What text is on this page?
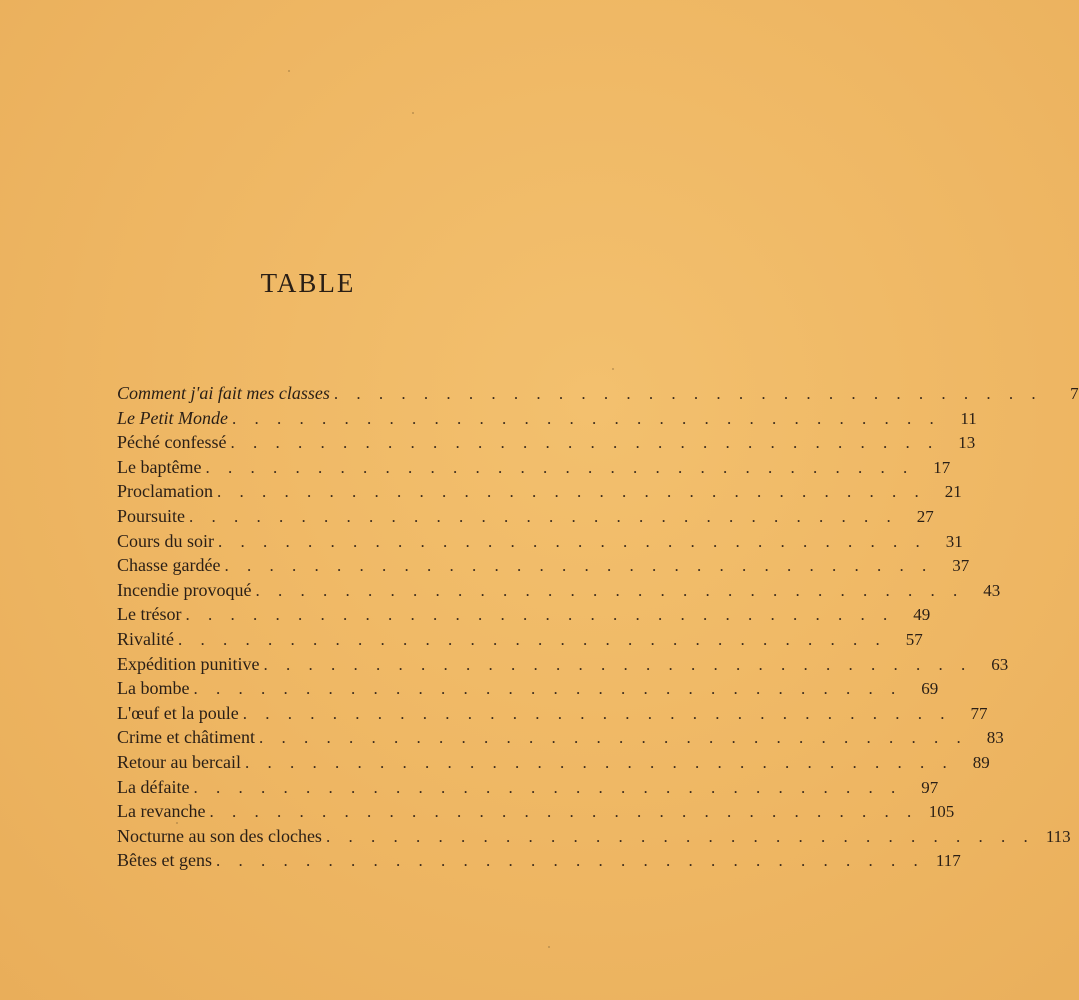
TABLE
Comment j'ai fait mes classes . . . . . . . . . . . . . . . . . . . . . . . . . . . . . . . .	7
Le Petit Monde . . . . . . . . . . . . . . . . . . . . . . . . . . . . . . . .	11
Péché confessé . . . . . . . . . . . . . . . . . . . . . . . . . . . . . . . .	13
Le baptême . . . . . . . . . . . . . . . . . . . . . . . . . . . . . . . .	17
Proclamation . . . . . . . . . . . . . . . . . . . . . . . . . . . . . . . .	21
Poursuite . . . . . . . . . . . . . . . . . . . . . . . . . . . . . . . .	27
Cours du soir . . . . . . . . . . . . . . . . . . . . . . . . . . . . . . . .	31
Chasse gardée . . . . . . . . . . . . . . . . . . . . . . . . . . . . . . . .	37
Incendie provoqué . . . . . . . . . . . . . . . . . . . . . . . . . . . . . . . .	43
Le trésor . . . . . . . . . . . . . . . . . . . . . . . . . . . . . . . .	49
Rivalité . . . . . . . . . . . . . . . . . . . . . . . . . . . . . . . .	57
Expédition punitive . . . . . . . . . . . . . . . . . . . . . . . . . . . . . . . .	63
La bombe . . . . . . . . . . . . . . . . . . . . . . . . . . . . . . . .	69
L'œuf et la poule . . . . . . . . . . . . . . . . . . . . . . . . . . . . . . . .	77
Crime et châtiment . . . . . . . . . . . . . . . . . . . . . . . . . . . . . . . .	83
Retour au bercail . . . . . . . . . . . . . . . . . . . . . . . . . . . . . . . .	89
La défaite . . . . . . . . . . . . . . . . . . . . . . . . . . . . . . . .	97
La revanche . . . . . . . . . . . . . . . . . . . . . . . . . . . . . . . . 105
Nocturne au son des cloches . . . . . . . . . . . . . . . . . . . . . . . . . . . . . . . . 113
Bêtes et gens . . . . . . . . . . . . . . . . . . . . . . . . . . . . . . . . 117
